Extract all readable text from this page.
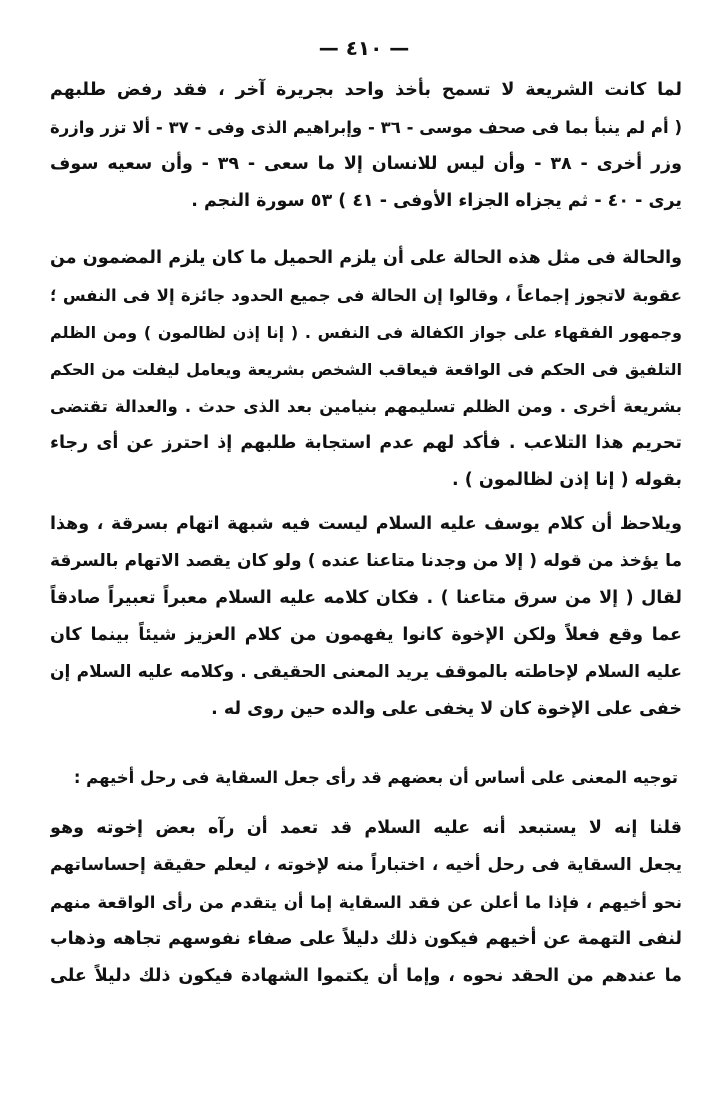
— ٤١٠ —
لما كانت الشريعة لا تسمح بأخذ واحد بجريرة آخر ، فقد رفض طلبهم
( أم لم ينبأ بما فى صحف موسى - ٣٦ - وإبراهيم الذى وفى - ٣٧ - ألا تزر وازرة
وزر أخرى - ٣٨ - وأن ليس للانسان إلا ما سعى - ٣٩ - وأن سعيه سوف
يرى - ٤٠ - ثم يجزاه الجزاء الأوفى - ٤١ ) ٥٣ سورة النجم .
والحالة فى مثل هذه الحالة على أن يلزم الحميل ما كان يلزم المضمون من
عقوبة لاتجوز إجماعاً ، وقالوا إن الحالة فى جميع الحدود جائزة إلا فى النفس ؛
وجمهور الفقهاء على جواز الكفالة فى النفس . ( إنا إذن لظالمون ) ومن الظلم
التلفيق فى الحكم فى الواقعة فيعاقب الشخص بشريعة ويعامل ليفلت من الحكم
بشريعة أخرى . ومن الظلم تسليمهم بنيامين بعد الذى حدث . والعدالة تقتضى
تحريم هذا التلاعب . فأكد لهم عدم استجابة طلبهم إذ احترز عن أى رجاء
بقوله ( إنا إذن لظالمون ) .
ويلاحظ أن كلام يوسف عليه السلام ليست فيه شبهة اتهام بسرقة ، وهذا
ما يؤخذ من قوله ( إلا من وجدنا متاعنا عنده ) ولو كان يقصد الاتهام بالسرقة
لقال ( إلا من سرق متاعنا ) . فكان كلامه عليه السلام معبراً تعبيراً صادقاً
عما وقع فعلاً ولكن الإخوة كانوا يفهمون من كلام العزيز شيئاً بينما كان
عليه السلام لإحاطته بالموقف يريد المعنى الحقيقى . وكلامه عليه السلام إن
خفى على الإخوة كان لا يخفى على والده حين روى له .
توجيه المعنى على أساس أن بعضهم قد رأى جعل السقاية فى رحل أخيهم :
قلنا إنه لا يستبعد أنه عليه السلام قد تعمد أن رآه بعض إخوته وهو
يجعل السقاية فى رحل أخيه ، اختباراً منه لإخوته ، ليعلم حقيقة إحساساتهم
نحو أخيهم ، فإذا ما أعلن عن فقد السقاية إما أن يتقدم من رأى الواقعة منهم
لنفى التهمة عن أخيهم فيكون ذلك دليلاً على صفاء نفوسهم تجاهه وذهاب
ما عندهم من الحقد نحوه ، وإما أن يكتموا الشهادة فيكون ذلك دليلاً على
